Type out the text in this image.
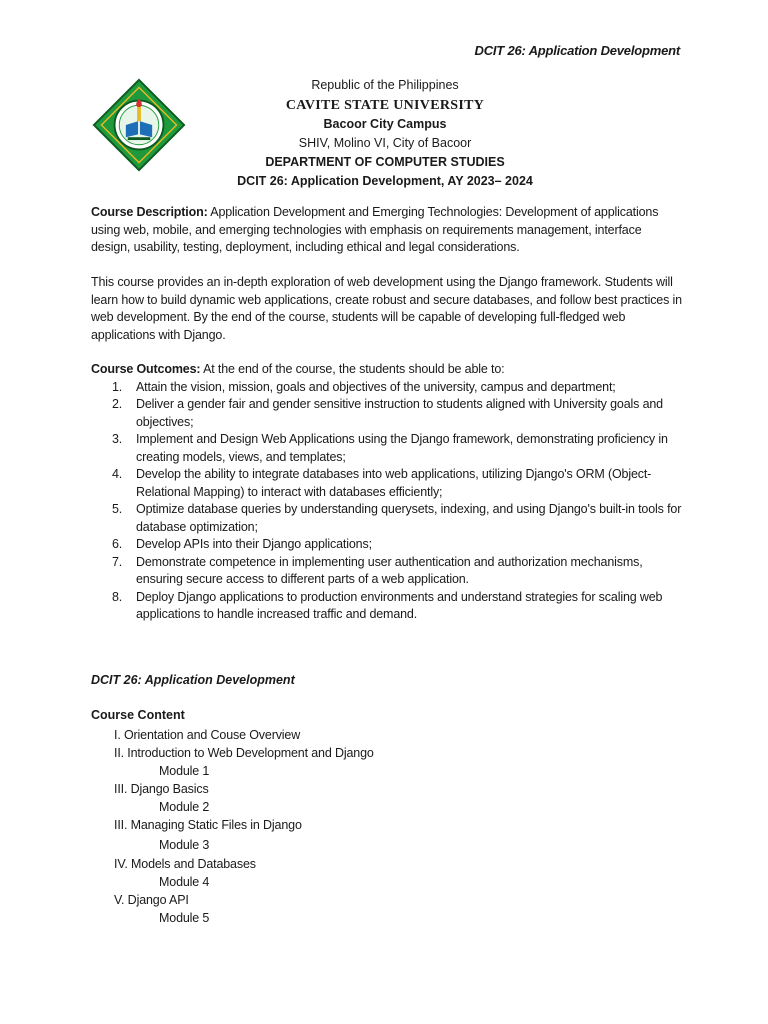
DCIT 26: Application Development
Republic of the Philippines
CAVITE STATE UNIVERSITY
Bacoor City Campus
SHIV, Molino VI, City of Bacoor
DEPARTMENT OF COMPUTER STUDIES
DCIT 26: Application Development, AY 2023– 2024
Course Description: Application Development and Emerging Technologies: Development of applications using web, mobile, and emerging technologies with emphasis on requirements management, interface design, usability, testing, deployment, including ethical and legal considerations.
This course provides an in-depth exploration of web development using the Django framework. Students will learn how to build dynamic web applications, create robust and secure databases, and follow best practices in web development. By the end of the course, students will be capable of developing full-fledged web applications with Django.
Course Outcomes: At the end of the course, the students should be able to:
1. Attain the vision, mission, goals and objectives of the university, campus and department;
2. Deliver a gender fair and gender sensitive instruction to students aligned with University goals and objectives;
3. Implement and Design Web Applications using the Django framework, demonstrating proficiency in creating models, views, and templates;
4. Develop the ability to integrate databases into web applications, utilizing Django's ORM (Object-Relational Mapping) to interact with databases efficiently;
5. Optimize database queries by understanding querysets, indexing, and using Django's built-in tools for database optimization;
6. Develop APIs into their Django applications;
7. Demonstrate competence in implementing user authentication and authorization mechanisms, ensuring secure access to different parts of a web application.
8. Deploy Django applications to production environments and understand strategies for scaling web applications to handle increased traffic and demand.
DCIT 26: Application Development
Course Content
I. Orientation and Couse Overview
II. Introduction to Web Development and Django
Module 1
III. Django Basics
Module 2
III. Managing Static Files in Django
Module 3
IV. Models and Databases
Module 4
V. Django API
Module 5
